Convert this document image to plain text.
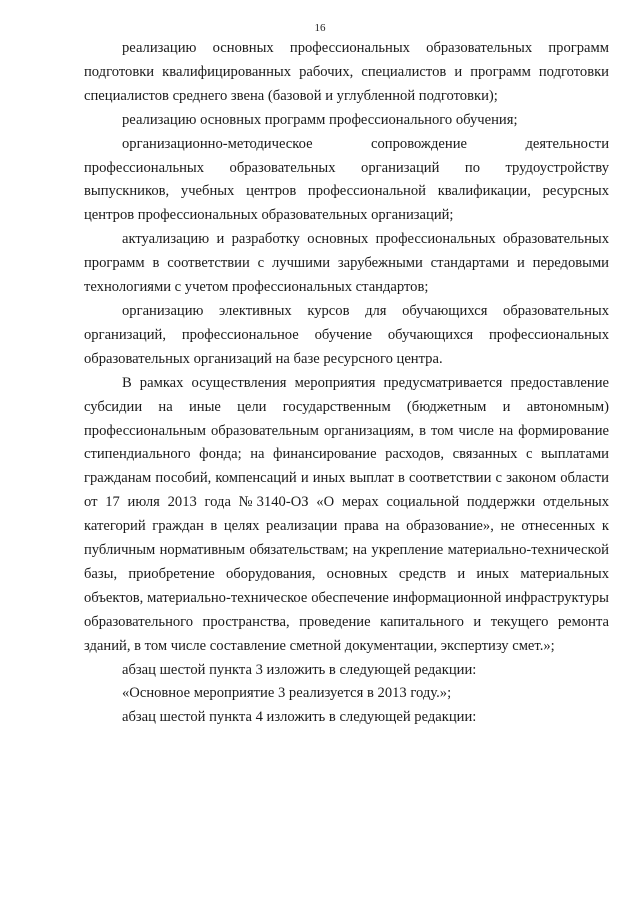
16

реализацию основных профессиональных образовательных программ подготовки квалифицированных рабочих, специалистов и программ подготовки специалистов среднего звена (базовой и углубленной подготовки);

реализацию основных программ профессионального обучения;

организационно-методическое сопровождение деятельности профессиональных образовательных организаций по трудоустройству выпускников, учебных центров профессиональной квалификации, ресурсных центров профессиональных образовательных организаций;

актуализацию и разработку основных профессиональных образовательных программ в соответствии с лучшими зарубежными стандартами и передовыми технологиями с учетом профессиональных стандартов;

организацию элективных курсов для обучающихся образовательных организаций, профессиональное обучение обучающихся профессиональных образовательных организаций на базе ресурсного центра.

В рамках осуществления мероприятия предусматривается предоставление субсидии на иные цели государственным (бюджетным и автономным) профессиональным образовательным организациям, в том числе на формирование стипендиального фонда; на финансирование расходов, связанных с выплатами гражданам пособий, компенсаций и иных выплат в соответствии с законом области от 17 июля 2013 года №3140-ОЗ «О мерах социальной поддержки отдельных категорий граждан в целях реализации права на образование», не отнесенных к публичным нормативным обязательствам; на укрепление материально-технической базы, приобретение оборудования, основных средств и иных материальных объектов, материально-техническое обеспечение информационной инфраструктуры образовательного пространства, проведение капитального и текущего ремонта зданий, в том числе составление сметной документации, экспертизу смет.»;

абзац шестой пункта 3 изложить в следующей редакции:

«Основное мероприятие 3 реализуется в 2013 году.»;

абзац шестой пункта 4 изложить в следующей редакции:
